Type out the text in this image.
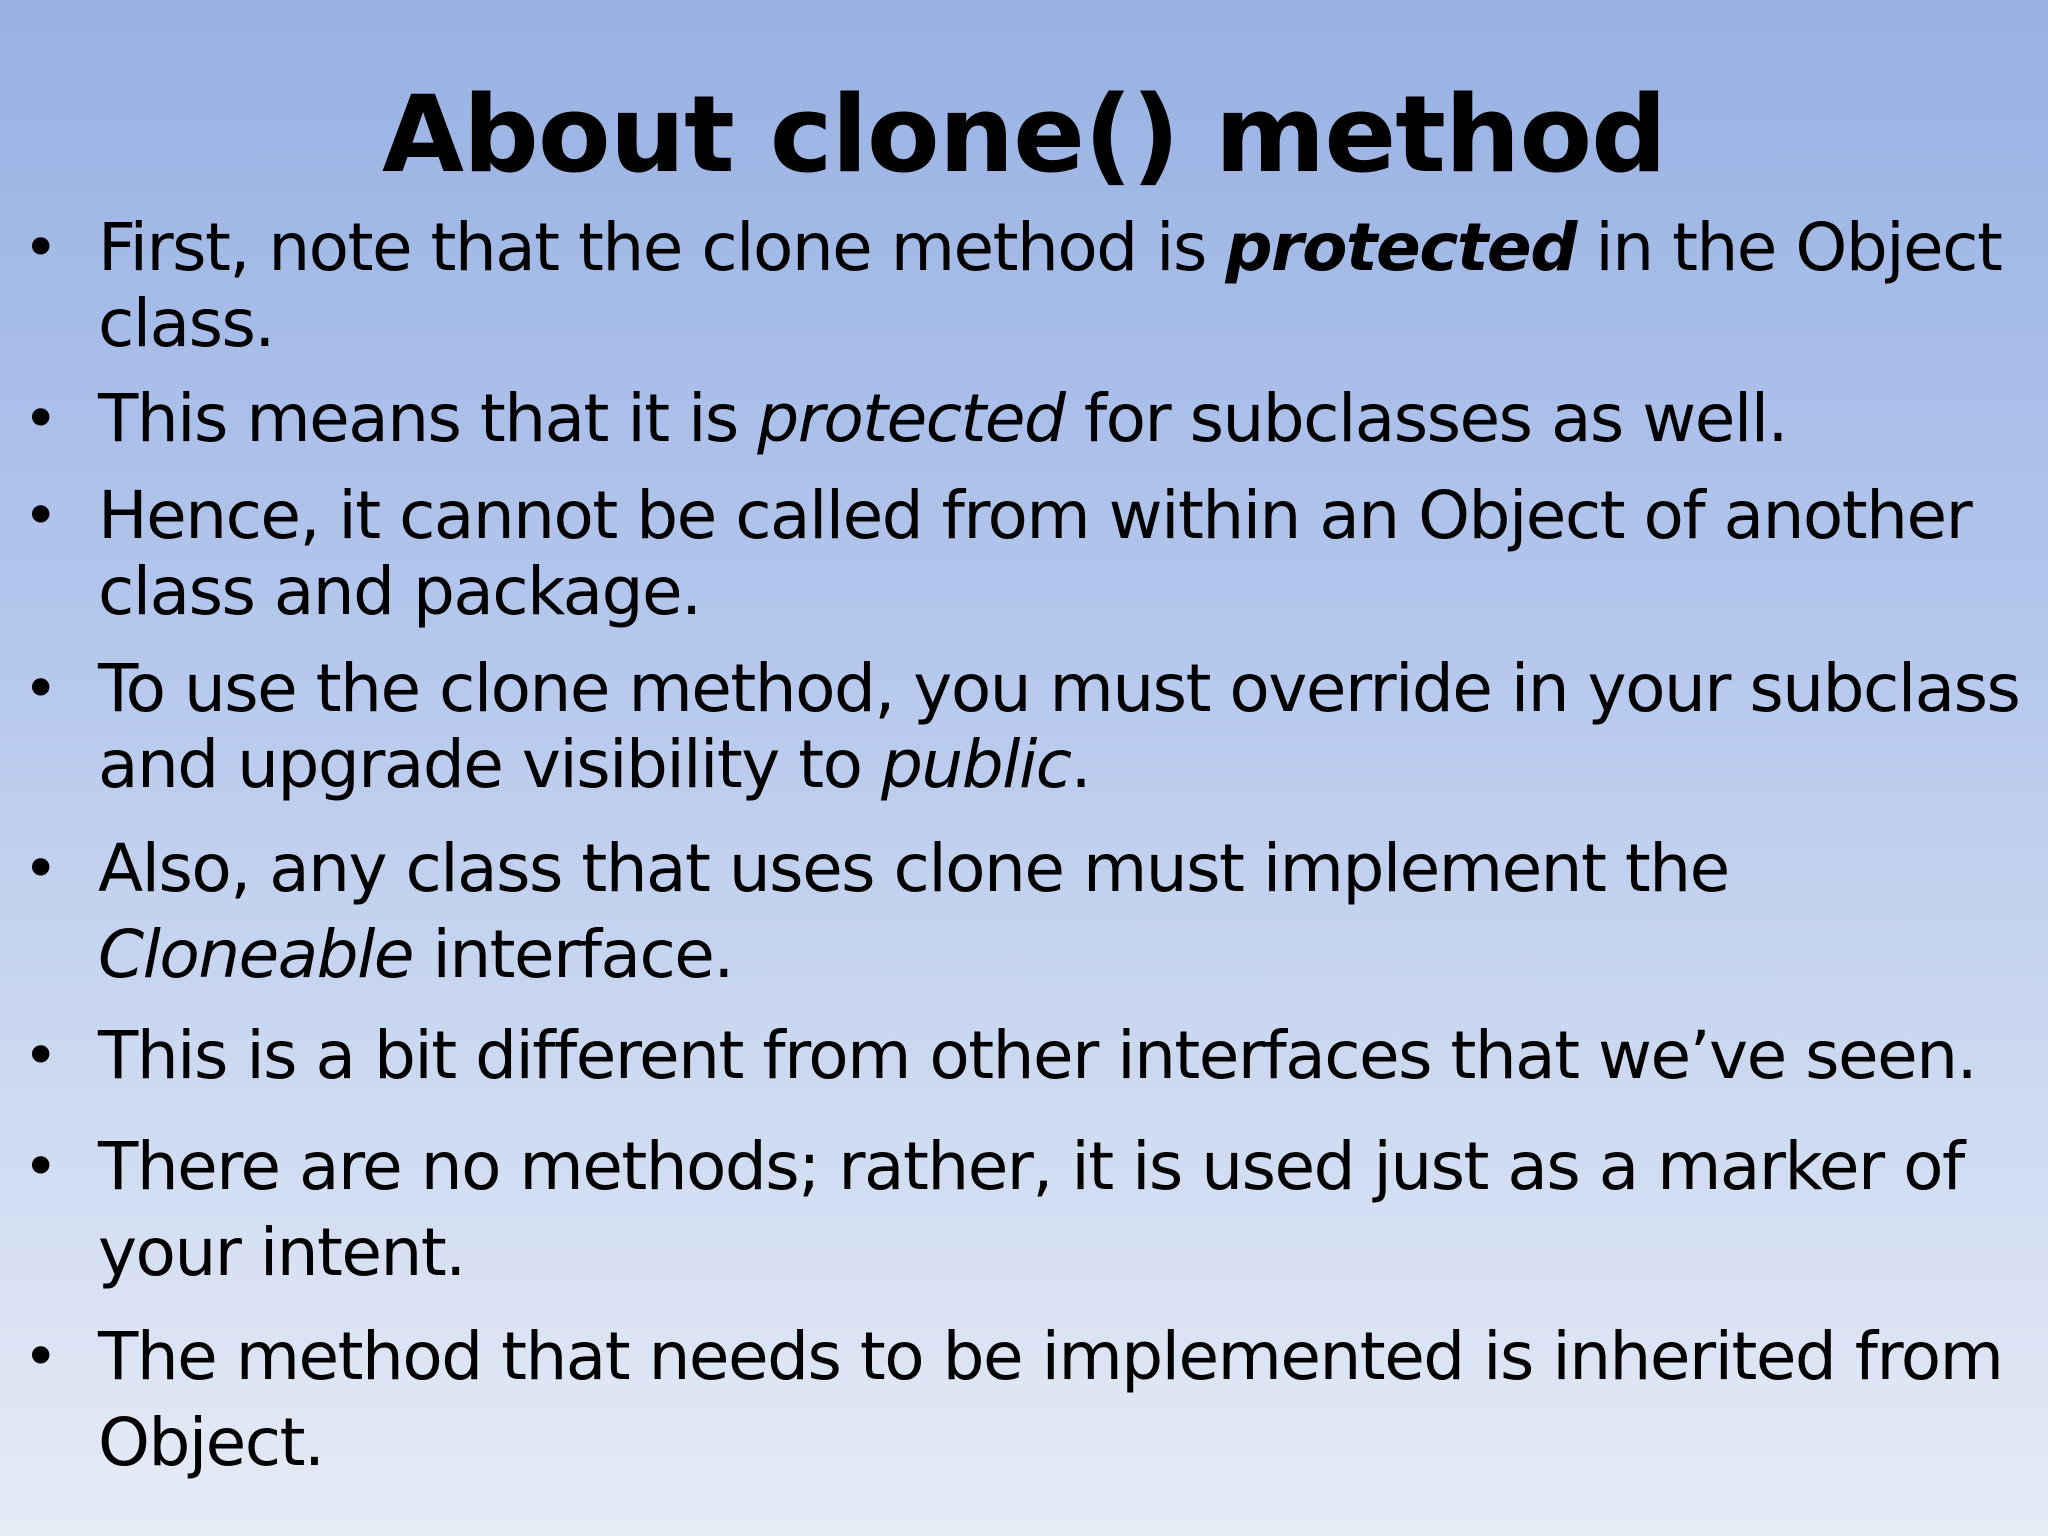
About clone() method
• First, note that the clone method is protected in the Object class.
• This means that it is protected for subclasses as well.
• Hence, it cannot be called from within an Object of another class and package.
• To use the clone method, you must override in your subclass and upgrade visibility to public.
• Also, any class that uses clone must implement the Cloneable interface.
• This is a bit different from other interfaces that we’ve seen.
• There are no methods; rather, it is used just as a marker of your intent.
• The method that needs to be implemented is inherited from Object.
